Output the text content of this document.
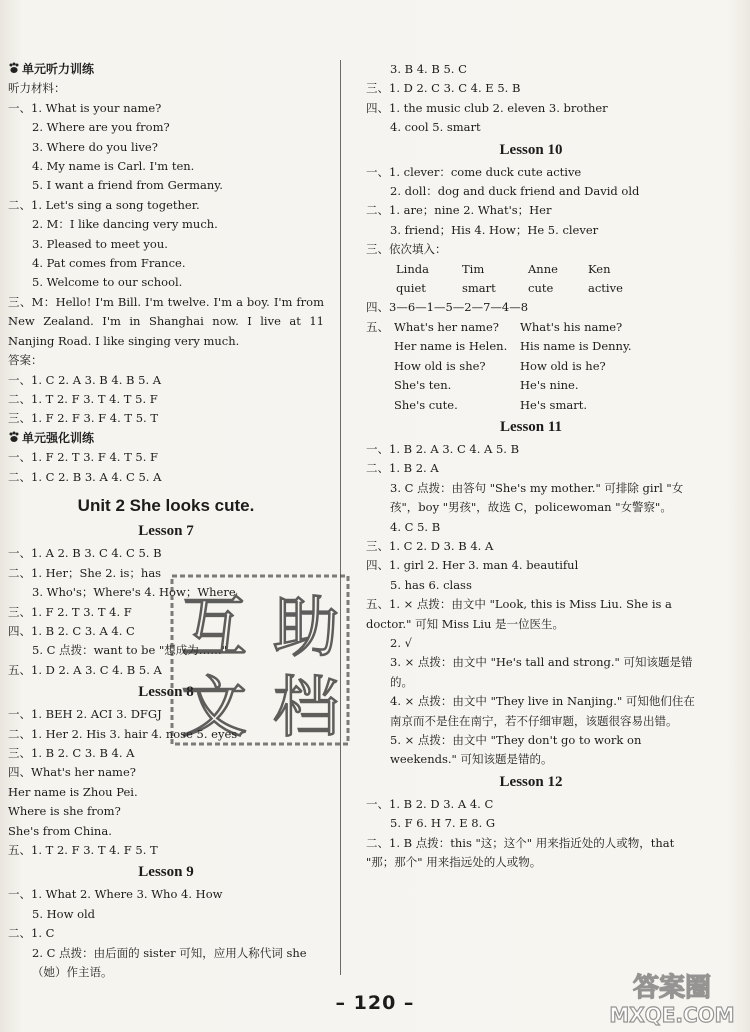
单元听力训练
听力材料：
一、1. What is your name?
2. Where are you from?
3. Where do you live?
4. My name is Carl. I'm ten.
5. I want a friend from Germany.
二、1. Let's sing a song together.
2. M：I like dancing very much.
3. Pleased to meet you.
4. Pat comes from France.
5. Welcome to our school.
三、M：Hello! I'm Bill. I'm twelve. I'm a boy. I'm from New Zealand. I'm in Shanghai now. I live at 11 Nanjing Road. I like singing very much.
答案：
一、1. C 2. A 3. B 4. B 5. A
二、1. T 2. F 3. T 4. T 5. F
三、1. F 2. F 3. F 4. T 5. T
单元强化训练
一、1. F 2. T 3. F 4. T 5. F
二、1. C 2. B 3. A 4. C 5. A
Unit 2 She looks cute.
Lesson 7
一、1. A 2. B 3. C 4. C 5. B
二、1. Her；She 2. is；has
3. Who's；Where's 4. How；Where
三、1. F 2. T 3. T 4. F
四、1. B 2. C 3. A 4. C
5. C 点拨：want to be "想成为……"
五、1. D 2. A 3. C 4. B 5. A
Lesson 8
一、1. BEH 2. ACI 3. DFGJ
二、1. Her 2. His 3. hair 4. nose 5. eyes
三、1. B 2. C 3. B 4. A
四、What's her name?
Her name is Zhou Pei.
Where is she from?
She's from China.
五、1. T 2. F 3. T 4. F 5. T
Lesson 9
一、1. What 2. Where 3. Who 4. How
5. How old
二、1. C
2. C 点拨：由后面的 sister 可知，应用人称代词 she（她）作主语。
3. B 4. B 5. C
三、1. D 2. C 3. C 4. E 5. B
四、1. the music club 2. eleven 3. brother
4. cool 5. smart
Lesson 10
一、1. clever：come duck cute active
2. doll：dog and duck friend and David old
二、1. are；nine 2. What's；Her
3. friend；His 4. How；He 5. clever
三、依次填入：
Linda	Tim	Anne	Ken
quiet	smart	cute	active
四、3—6—1—5—2—7—4—8
五、 What's her name?	What's his name?
Her name is Helen.	His name is Denny.
How old is she?	How old is he?
She's ten.	He's nine.
She's cute.	He's smart.
Lesson 11
一、1. B 2. A 3. C 4. A 5. B
二、1. B 2. A
3. C 点拨：由答句 "She's my mother." 可排除 girl "女孩"，boy "男孩"，故选 C，policewoman "女警察"。
4. C 5. B
三、1. C 2. D 3. B 4. A
四、1. girl 2. Her 3. man 4. beautiful
5. has 6. class
五、1. × 点拨：由文中 "Look, this is Miss Liu. She is a doctor." 可知 Miss Liu 是一位医生。
2. √
3. × 点拨：由文中 "He's tall and strong." 可知该题是错的。
4. × 点拨：由文中 "They live in Nanjing." 可知他们住在南京而不是住在南宁，若不仔细审题，该题很容易出错。
5. × 点拨：由文中 "They don't go to work on weekends." 可知该题是错的。
Lesson 12
一、1. B 2. D 3. A 4. C
5. F 6. H 7. E 8. G
二、1. B 点拨：this "这；这个" 用来指近处的人或物，that "那；那个" 用来指远处的人或物。
互 助
文 档
– 120 –	答案圈
MXQE.COM
